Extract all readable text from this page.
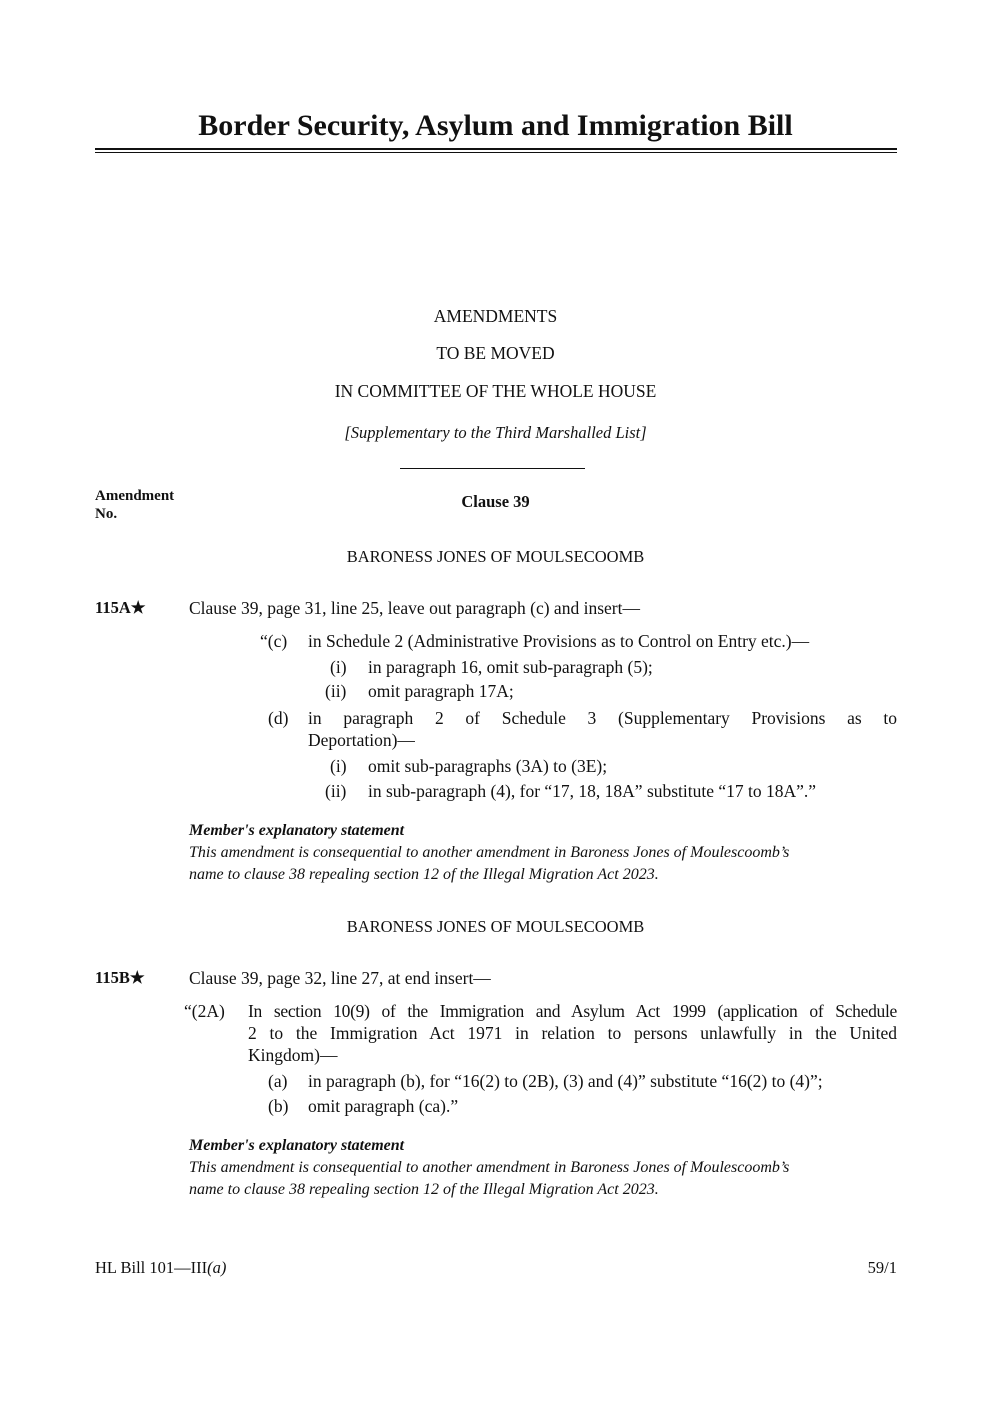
Border Security, Asylum and Immigration Bill
AMENDMENTS
TO BE MOVED
IN COMMITTEE OF THE WHOLE HOUSE
[Supplementary to the Third Marshalled List]
Amendment
No.
Clause 39
BARONESS JONES OF MOULSECOOMB
115A★ Clause 39, page 31, line 25, leave out paragraph (c) and insert—
“(c) in Schedule 2 (Administrative Provisions as to Control on Entry etc.)—
(i) in paragraph 16, omit sub-paragraph (5);
(ii) omit paragraph 17A;
(d) in paragraph 2 of Schedule 3 (Supplementary Provisions as to
Deportation)—
(i) omit sub-paragraphs (3A) to (3E);
(ii) in sub-paragraph (4), for “17, 18, 18A” substitute “17 to 18A”.”
Member's explanatory statement
This amendment is consequential to another amendment in Baroness Jones of Moulescoomb’s
name to clause 38 repealing section 12 of the Illegal Migration Act 2023.
BARONESS JONES OF MOULSECOOMB
115B★	Clause 39, page 32, line 27, at end insert—
“(2A) In section 10(9) of the Immigration and Asylum Act 1999 (application of Schedule
2 to the Immigration Act 1971 in relation to persons unlawfully in the United
Kingdom)—
(a) in paragraph (b), for “16(2) to (2B), (3) and (4)” substitute “16(2) to (4)”;
(b) omit paragraph (ca).”
Member's explanatory statement
This amendment is consequential to another amendment in Baroness Jones of Moulescoomb’s
name to clause 38 repealing section 12 of the Illegal Migration Act 2023.
HL Bill 101—III(a)	59/1
